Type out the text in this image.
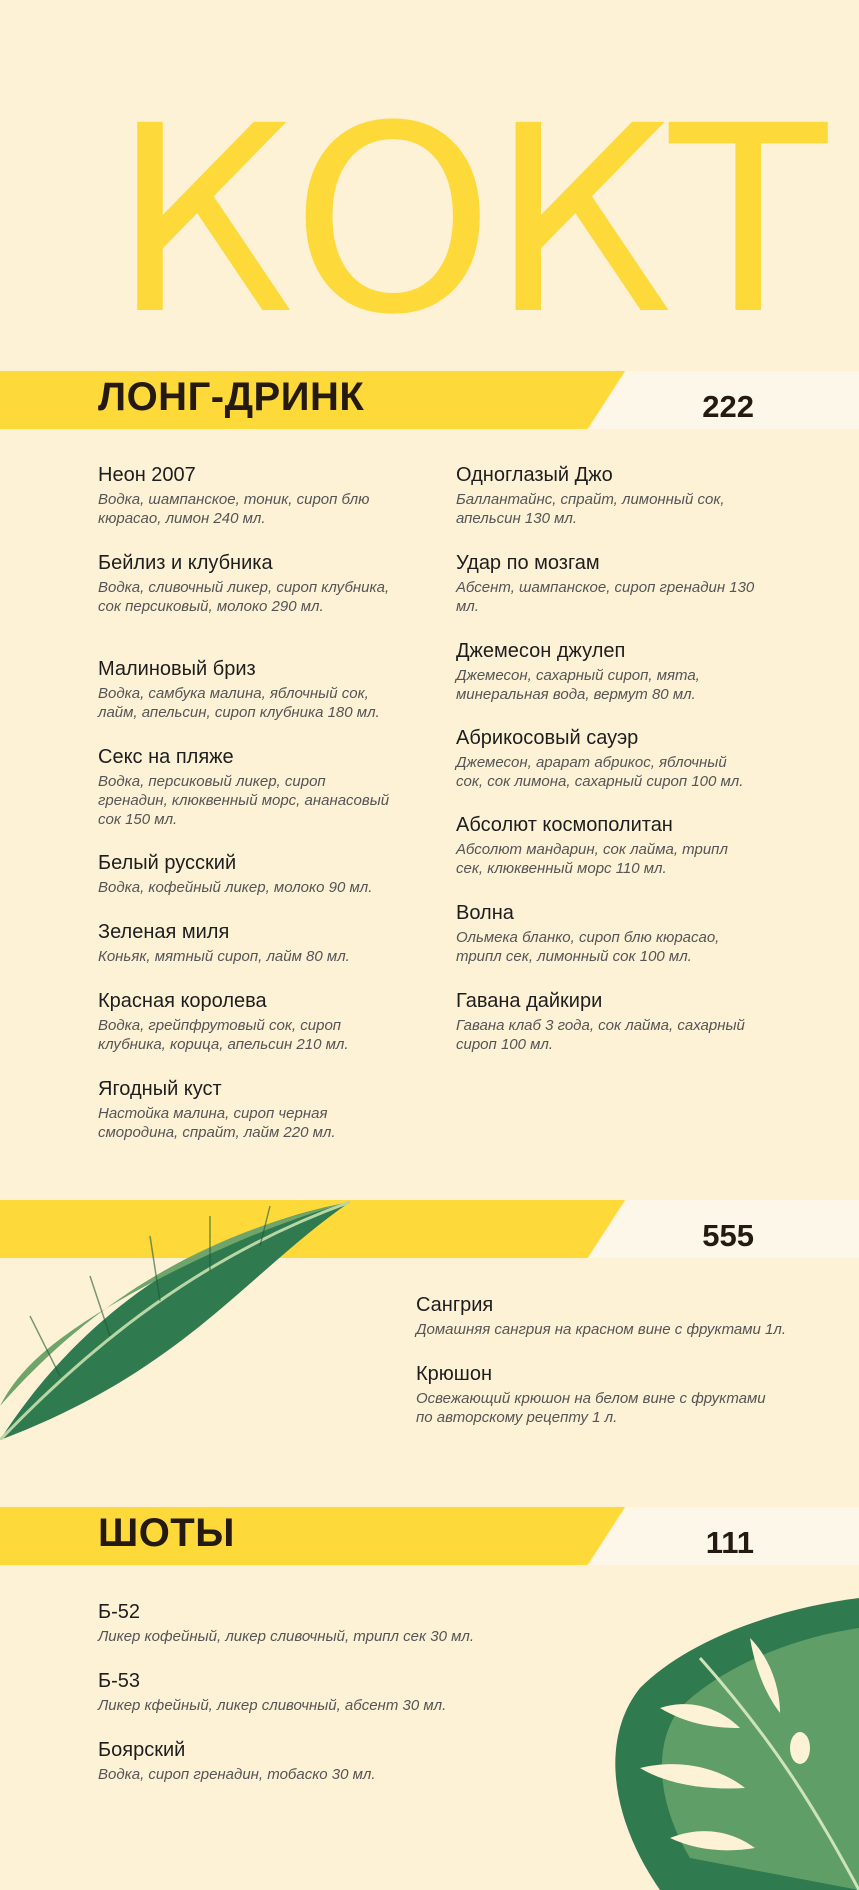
КОКТ
ЛОНГ-ДРИНК	222
Неон 2007
Водка, шампанское, тоник, сироп блю кюрасао, лимон 240 мл.
Бейлиз и клубника
Водка, сливочный ликер, сироп клубника, сок персиковый, молоко 290 мл.
Малиновый бриз
Водка, самбука малина, яблочный сок, лайм, апельсин, сироп клубника 180 мл.
Секс на пляже
Водка, персиковый ликер, сироп гренадин, клюквенный морс, ананасовый сок 150 мл.
Белый русский
Водка, кофейный ликер, молоко 90 мл.
Зеленая миля
Коньяк, мятный сироп, лайм 80 мл.
Красная королева
Водка, грейпфрутовый сок, сироп клубника, корица, апельсин 210 мл.
Ягодный куст
Настойка малина, сироп черная смородина, спрайт, лайм 220 мл.
Одноглазый Джо
Баллантайнс, спрайт, лимонный сок, апельсин 130 мл.
Удар по мозгам
Абсент, шампанское, сироп гренадин 130 мл.
Джемесон джулеп
Джемесон, сахарный сироп, мята, минеральная вода, вермут 80 мл.
Абрикосовый сауэр
Джемесон, арарат абрикос, яблочный сок, сок лимона, сахарный сироп 100 мл.
Абсолют космополитан
Абсолют мандарин, сок лайма, трипл сек, клюквенный морс 110 мл.
Волна
Ольмека бланко, сироп блю кюрасао, трипл сек, лимонный сок 100 мл.
Гавана дайкири
Гавана клаб 3 года, сок лайма, сахарный сироп 100 мл.
555
Сангрия
Домашняя сангрия на красном вине с фруктами 1л.
Крюшон
Освежающий крюшон на белом вине с фруктами по авторскому рецепту 1 л.
ШОТЫ	111
Б-52
Ликер кофейный, ликер сливочный, трипл сек 30 мл.
Б-53
Ликер кфейный, ликер сливочный, абсент 30 мл.
Боярский
Водка, сироп гренадин, тобаско 30 мл.
